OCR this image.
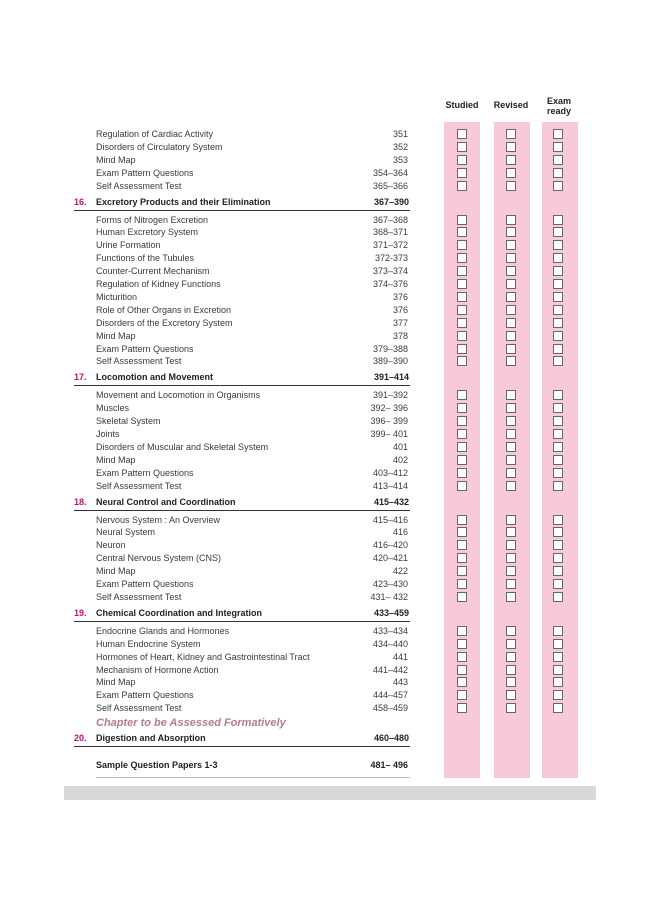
Studied	Revised	Exam
ready
Regulation of Cardiac Activity	351
Disorders of Circulatory System	352
Mind Map	353
Exam Pattern Questions	354–364
Self Assessment Test	365–366
16. Excretory Products and their Elimination	367–390
Forms of Nitrogen Excretion	367–368
Human Excretory System	368–371
Urine Formation	371–372
Functions of the Tubules	372-373
Counter-Current Mechanism	373–374
Regulation of Kidney Functions	374–376
Micturition	376
Role of Other Organs in Excretion	376
Disorders of the Excretory System	377
Mind Map	378
Exam Pattern Questions	379–388
Self Assessment Test	389–390
17. Locomotion and Movement	391–414
Movement and Locomotion in Organisms	391–392
Muscles	392– 396
Skeletal System	396– 399
Joints	399– 401
Disorders of Muscular and Skeletal System	401
Mind Map	402
Exam Pattern Questions	403–412
Self Assessment Test	413–414
18. Neural Control and Coordination	415–432
Nervous System : An Overview	415–416
Neural System	416
Neuron	416–420
Central Nervous System (CNS)	420–421
Mind Map	422
Exam Pattern Questions	423–430
Self Assessment Test	431– 432
19. Chemical Coordination and Integration	433–459
Endocrine Glands and Hormones	433–434
Human Endocrine System	434–440
Hormones of Heart, Kidney and Gastrointestinal Tract	441
Mechanism of Hormone Action	441–442
Mind Map	443
Exam Pattern Questions	444–457
Self Assessment Test	458–459
Chapter to be Assessed Formatively
20. Digestion and Absorption	460–480
Sample Question Papers 1-3	481– 496
